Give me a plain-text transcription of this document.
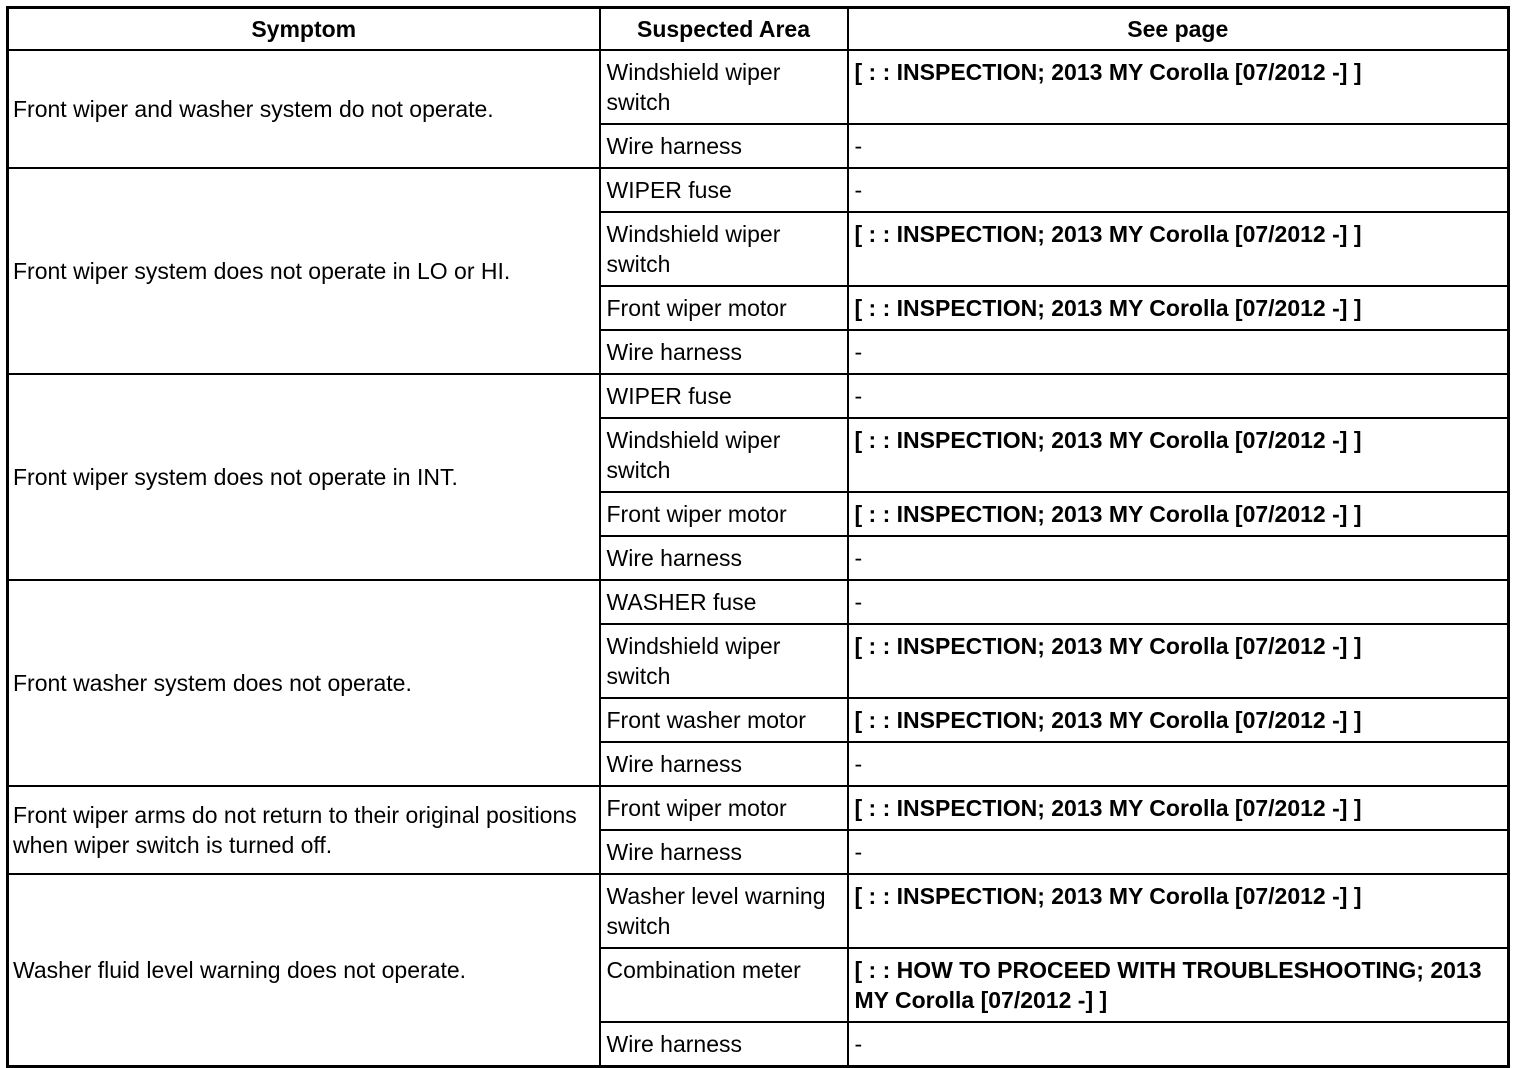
Symptom	Suspected Area	See page
Front wiper and washer system do not operate.	Windshield wiper switch	[ : : INSPECTION; 2013 MY Corolla [07/2012 -] ]
	Wire harness	-
Front wiper system does not operate in LO or HI.	WIPER fuse	-
	Windshield wiper switch	[ : : INSPECTION; 2013 MY Corolla [07/2012 -] ]
	Front wiper motor	[ : : INSPECTION; 2013 MY Corolla [07/2012 -] ]
	Wire harness	-
Front wiper system does not operate in INT.	WIPER fuse	-
	Windshield wiper switch	[ : : INSPECTION; 2013 MY Corolla [07/2012 -] ]
	Front wiper motor	[ : : INSPECTION; 2013 MY Corolla [07/2012 -] ]
	Wire harness	-
Front washer system does not operate.	WASHER fuse	-
	Windshield wiper switch	[ : : INSPECTION; 2013 MY Corolla [07/2012 -] ]
	Front washer motor	[ : : INSPECTION; 2013 MY Corolla [07/2012 -] ]
	Wire harness	-
Front wiper arms do not return to their original positions when wiper switch is turned off.	Front wiper motor	[ : : INSPECTION; 2013 MY Corolla [07/2012 -] ]
	Wire harness	-
Washer fluid level warning does not operate.	Washer level warning switch	[ : : INSPECTION; 2013 MY Corolla [07/2012 -] ]
	Combination meter	[ : : HOW TO PROCEED WITH TROUBLESHOOTING; 2013 MY Corolla [07/2012 -] ]
	Wire harness	-
